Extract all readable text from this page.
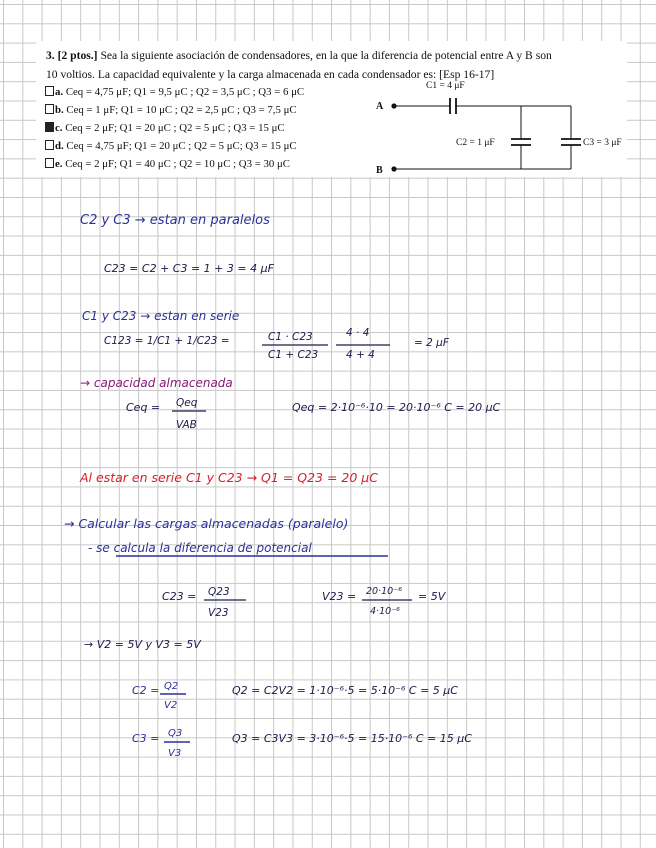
3. [2 ptos.] Sea la siguiente asociación de condensadores, en la que la diferencia de potencial entre A y B son
10 voltios. La capacidad equivalente y la carga almacenada en cada condensador es: [Esp 16-17]
a. Ceq = 4,75 μF; Q1 = 9,5 μC ; Q2 = 3,5 μC ; Q3 = 6 μC
b. Ceq = 1 μF; Q1 = 10 μC ; Q2 = 2,5 μC ; Q3 = 7,5 μC
c. Ceq = 2 μF; Q1 = 20 μC ; Q2 = 5 μC ; Q3 = 15 μC
d. Ceq = 4,75 μF; Q1 = 20 μC ; Q2 = 5 μC; Q3 = 15 μC
e. Ceq = 2 μF; Q1 = 40 μC ; Q2 = 10 μC ; Q3 = 30 μC
A
C1 = 4 μF
C2 = 1 μF	C3 = 3 μF
B
C2 y C3 → estan en paralelos
C23 = C2 + C3 = 1 + 3 = 4 μF
C1 y C23 → estan en serie
C123 = 1/C1 + 1/C23 =	C1 · C23
C1 + C23
4 · 4
4 + 4
= 2 μF
→ capacidad almacenada
Ceq = Qeq
VAB
Qeq = 2·10⁻⁶·10 = 20·10⁻⁶ C = 20 μC
Al estar en serie C1 y C23 → Q1 = Q23 = 20 μC
→ Calcular las cargas almacenadas (paralelo)
- se calcula la diferencia de potencial
C23 = Q23
V23
V23 = 20·10⁻⁶
4·10⁻⁶
= 5V
→ V2 = 5V y V3 = 5V
C2 = Q2
V2
Q2 = C2V2 = 1·10⁻⁶·5 = 5·10⁻⁶ C = 5 μC
C3 = Q3
V3
Q3 = C3V3 = 3·10⁻⁶·5 = 15·10⁻⁶ C = 15 μC
